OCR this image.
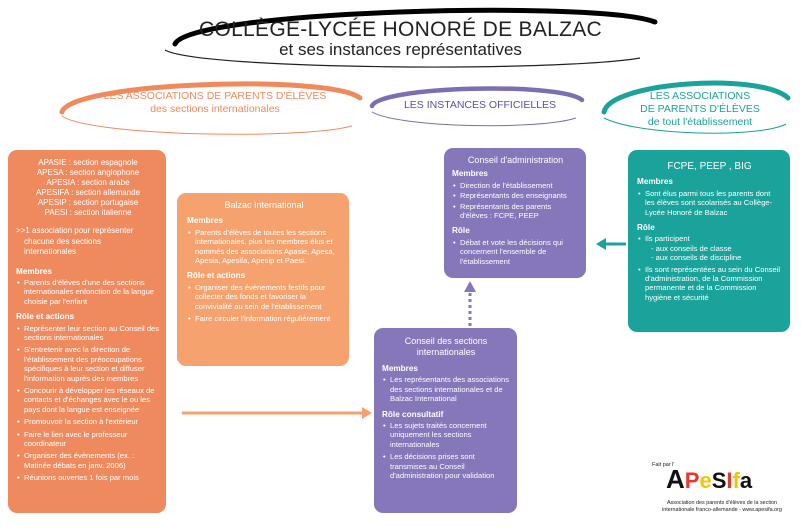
COLLÈGE-LYCÉE HONORÉ DE BALZAC
et ses instances représentatives
LES ASSOCIATIONS DE PARENTS D'ÉLÈVES
des sections internationales	LES INSTANCES OFFICIELLES
LES ASSOCIATIONS
DE PARENTS D'ÉLÈVES
de tout l'établissement
APASIE : section espagnole
APESA : section anglophone
APESIA : section arabe
APESIFA : section allemande
APESIP : section portugaise
PAESI : section italienne
>>1 association pour représenter
chacune des sections
internationales
Membres
• Parents d'élèves d'une des sections internationales enfonction de la langue choisie par l'enfant
Rôle et actions
• Représenter leur section au Conseil des sections internationales
• S'entretenir avec la direction de l'établissement des préoccupations spécifiques à leur section et diffuser l'information auprès des membres
• Concourir à développer les réseaux de contacts et d'échanges avec le ou les pays dont la langue est enseignée
• Promouvoir la section à l'extérieur
• Faire le lien avec le professeur coordinateur
• Organiser des évènements (ex. : Matinée débats en janv. 2006)
• Réunions ouvertes 1 fois par mois
Balzac International
Membres
• Parents d'élèves de toutes les sections internationales, plus les membres élus et nommés des associations Apasie, Apesa, Apesia, Apesifa, Apesip et Paesi.
Rôle et actions
• Organiser des évènements festifs pour collecter des fonds et favoriser la convivialité au sein de l'établissement
• Faire circuler l'information régulièrement
Conseil d'administration
Membres
• Direction de l'établissement
• Représentants des enseignants
• Représentants des parents d'élèves : FCPE, PEEP
Rôle
• Débat et vote les décisions qui concernent l'ensemble de l'établissement
Conseil des sections
internationales
Membres
• Les représentants des associations des sections internationales et de Balzac International
Rôle consultatif
• Les sujets traités concernent uniquement les sections internationales
• Les décisions prises sont transmises au Conseil d'administration pour validation
FCPE, PEEP , BIG
Membres
• Sont élus parmi tous les parents dont les élèves sont scolarisés au Collège-Lycée Honoré de Balzac
Rôle
• Ils participent
- aux conseils de classe
- aux conseils de discipline
• Ils sont représentées au sein du Conseil d'administration, de la Commission permanente et de la Commission hygiène et sécurité
Fait par l'
APeSIfa
Association des parents d'élèves de la section
internationale franco-allemande - www.apesifa.org
